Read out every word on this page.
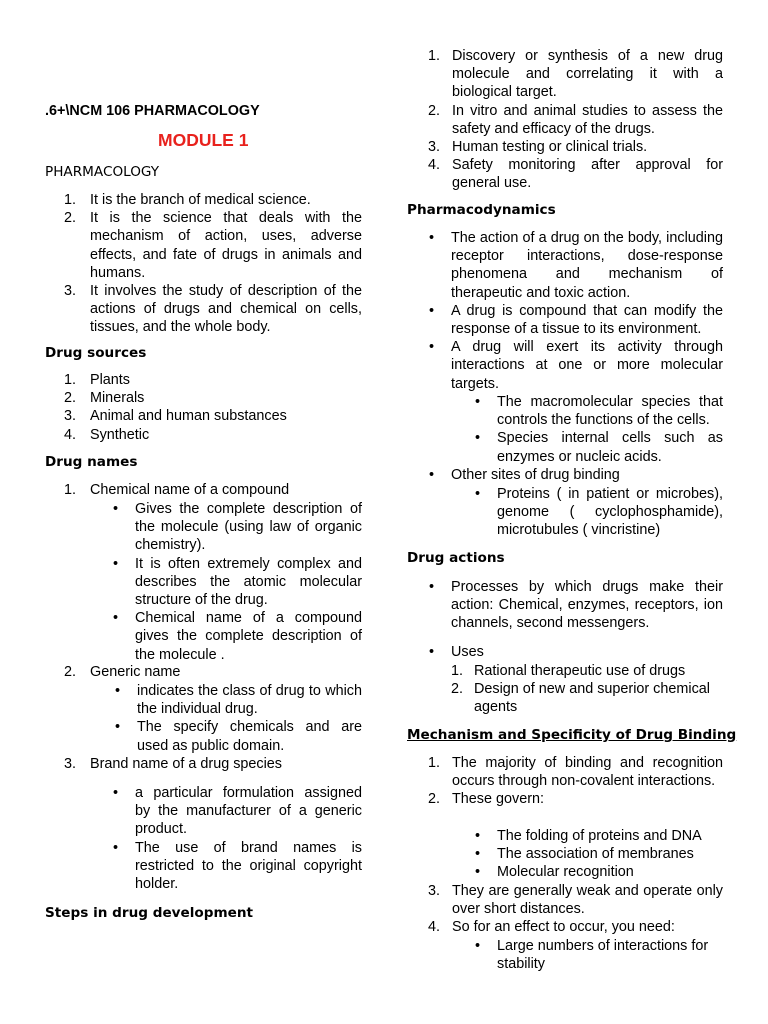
.6+\NCM 106 PHARMACOLOGY
MODULE 1
PHARMACOLOGY
1. It is the branch of medical science.
2. It is the science that deals with the mechanism of action, uses, adverse effects, and fate of drugs in animals and humans.
3. It involves the study of description of the actions of drugs and chemical on cells, tissues, and the whole body.
Drug sources
1. Plants
2. Minerals
3. Animal and human substances
4. Synthetic
Drug names
1. Chemical name of a compound
• Gives the complete description of the molecule (using law of organic chemistry).
• It is often extremely complex and describes the atomic molecular structure of the drug.
• Chemical name of a compound gives the complete description of the molecule .
2. Generic name
• indicates the class of drug to which the individual drug.
• The specify chemicals and are used as public domain.
3. Brand name of a drug species
• a particular formulation assigned by the manufacturer of a generic product.
• The use of brand names is restricted to the original copyright holder.
Steps in drug development
1. Discovery or synthesis of a new drug molecule and correlating it with a biological target.
2. In vitro and animal studies to assess the safety and efficacy of the drugs.
3. Human testing or clinical trials.
4. Safety monitoring after approval for general use.
Pharmacodynamics
• The action of a drug on the body, including receptor interactions, dose-response phenomena and mechanism of therapeutic and toxic action.
• A drug is compound that can modify the response of a tissue to its environment.
• A drug will exert its activity through interactions at one or more molecular targets.
• The macromolecular species that controls the functions of the cells.
• Species internal cells such as enzymes or nucleic acids.
• Other sites of drug binding
• Proteins ( in patient or microbes), genome ( cyclophosphamide), microtubules ( vincristine)
Drug actions
• Processes by which drugs make their action: Chemical, enzymes, receptors, ion channels, second messengers.
• Uses
1. Rational therapeutic use of drugs
2. Design of new and superior chemical agents
Mechanism and Specificity of Drug Binding
1. The majority of binding and recognition occurs through non-covalent interactions.
2. These govern:
• The folding of proteins and DNA
• The association of membranes
• Molecular recognition
3. They are generally weak and operate only over short distances.
4. So for an effect to occur, you need:
• Large numbers of interactions for stability
